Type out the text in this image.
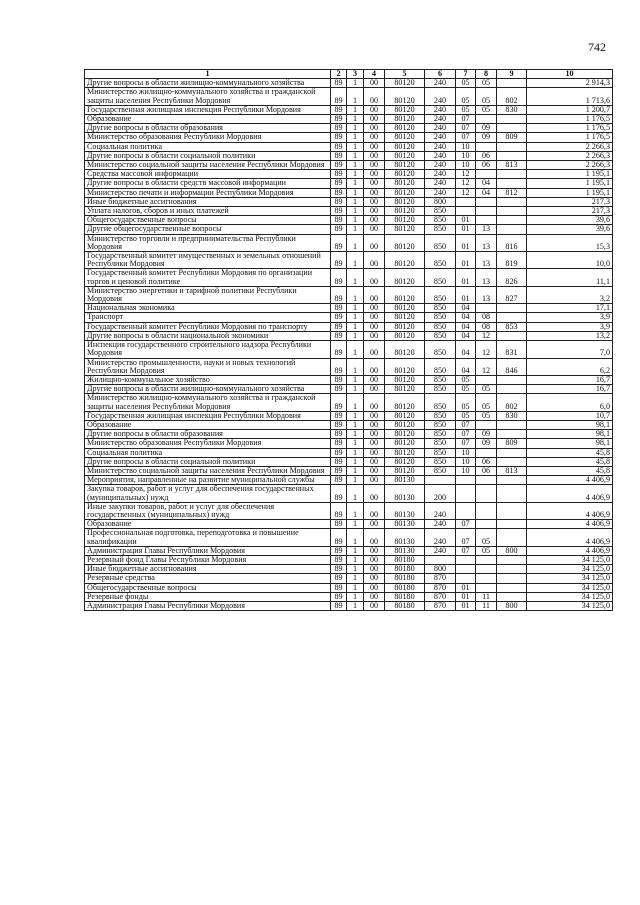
742
1	2	3	4	5	6	7	8	9	10
Другие вопросы в области жилищно-коммунального хозяйства	89	1	00	80120	240	05	05		2 914,3
Министерство жилищно-коммунального хозяйства и гражданской защиты населения Республики Мордовия	89	1	00	80120	240	05	05	802	1 713,6
Государственная жилищная инспекция Республики Мордовия	89	1	00	80120	240	05	05	830	1 200,7
Образование	89	1	00	80120	240	07			1 176,5
Другие вопросы в области образования	89	1	00	80120	240	07	09		1 176,5
Министерство образования Республики Мордовия	89	1	00	80120	240	07	09	809	1 176,5
Социальная политика	89	1	00	80120	240	10			2 266,3
Другие вопросы в области социальной политики	89	1	00	80120	240	10	06		2 266,3
Министерство социальной защиты населения Республики Мордовия	89	1	00	80120	240	10	06	813	2 266,3
Средства массовой информации	89	1	00	80120	240	12			1 195,1
Другие вопросы в области средств массовой информации	89	1	00	80120	240	12	04		1 195,1
Министерство печати и информации Республики Мордовия	89	1	00	80120	240	12	04	812	1 195,1
Иные бюджетные ассигнования	89	1	00	80120	800				217,3
Уплата налогов, сборов и иных платежей	89	1	00	80120	850				217,3
Общегосударственные вопросы	89	1	00	80120	850	01			39,6
Другие общегосударственные вопросы	89	1	00	80120	850	01	13		39,6
Министерство торговли и предпринимательства Республики Мордовия	89	1	00	80120	850	01	13	816	15,3
Государственный комитет имущественных и земельных отношений Республики Мордовия	89	1	00	80120	850	01	13	819	10,0
Государственный комитет Республики Мордовия по организации торгов и ценовой политике	89	1	00	80120	850	01	13	826	11,1
Министерство энергетики и тарифной политики Республики Мордовия	89	1	00	80120	850	01	13	827	3,2
Национальная экономика	89	1	00	80120	850	04			17,1
Транспорт	89	1	00	80120	850	04	08		3,9
Государственный комитет Республики Мордовия по транспорту	89	1	00	80120	850	04	08	853	3,9
Другие вопросы в области национальной экономики	89	1	00	80120	850	04	12		13,2
Инспекция государственного строительного надзора Республики Мордовия	89	1	00	80120	850	04	12	831	7,0
Министерство промышленности, науки и новых технологий Республики Мордовия	89	1	00	80120	850	04	12	846	6,2
Жилищно-коммунальное хозяйство	89	1	00	80120	850	05			16,7
Другие вопросы в области жилищно-коммунального хозяйства	89	1	00	80120	850	05	05		16,7
Министерство жилищно-коммунального хозяйства и гражданской защиты населения Республики Мордовия	89	1	00	80120	850	05	05	802	6,0
Государственная жилищная инспекция Республики Мордовия	89	1	00	80120	850	05	05	830	10,7
Образование	89	1	00	80120	850	07			98,1
Другие вопросы в области образования	89	1	00	80120	850	07	09		98,1
Министерство образования Республики Мордовия	89	1	00	80120	850	07	09	809	98,1
Социальная политика	89	1	00	80120	850	10			45,8
Другие вопросы в области социальной политики	89	1	00	80120	850	10	06		45,8
Министерство социальной защиты населения Республики Мордовия	89	1	00	80120	850	10	06	813	45,8
Мероприятия, направленные на развитие муниципальной службы	89	1	00	80130					4 406,9
Закупка товаров, работ и услуг для обеспечения государственных (муниципальных) нужд	89	1	00	80130	200				4 406,9
Иные закупки товаров, работ и услуг для обеспечения государственных (муниципальных) нужд	89	1	00	80130	240				4 406,9
Образование	89	1	00	80130	240	07			4 406,9
Профессиональная подготовка, переподготовка и повышение квалификации	89	1	00	80130	240	07	05		4 406,9
Администрация Главы Республики Мордовия	89	1	00	80130	240	07	05	800	4 406,9
Резервный фонд Главы Республики Мордовия	89	1	00	80180					34 125,0
Иные бюджетные ассигнования	89	1	00	80180	800				34 125,0
Резервные средства	89	1	00	80180	870				34 125,0
Общегосударственные вопросы	89	1	00	80180	870	01			34 125,0
Резервные фонды	89	1	00	80180	870	01	11		34 125,0
Администрация Главы Республики Мордовия	89	1	00	80180	870	01	11	800	34 125,0
